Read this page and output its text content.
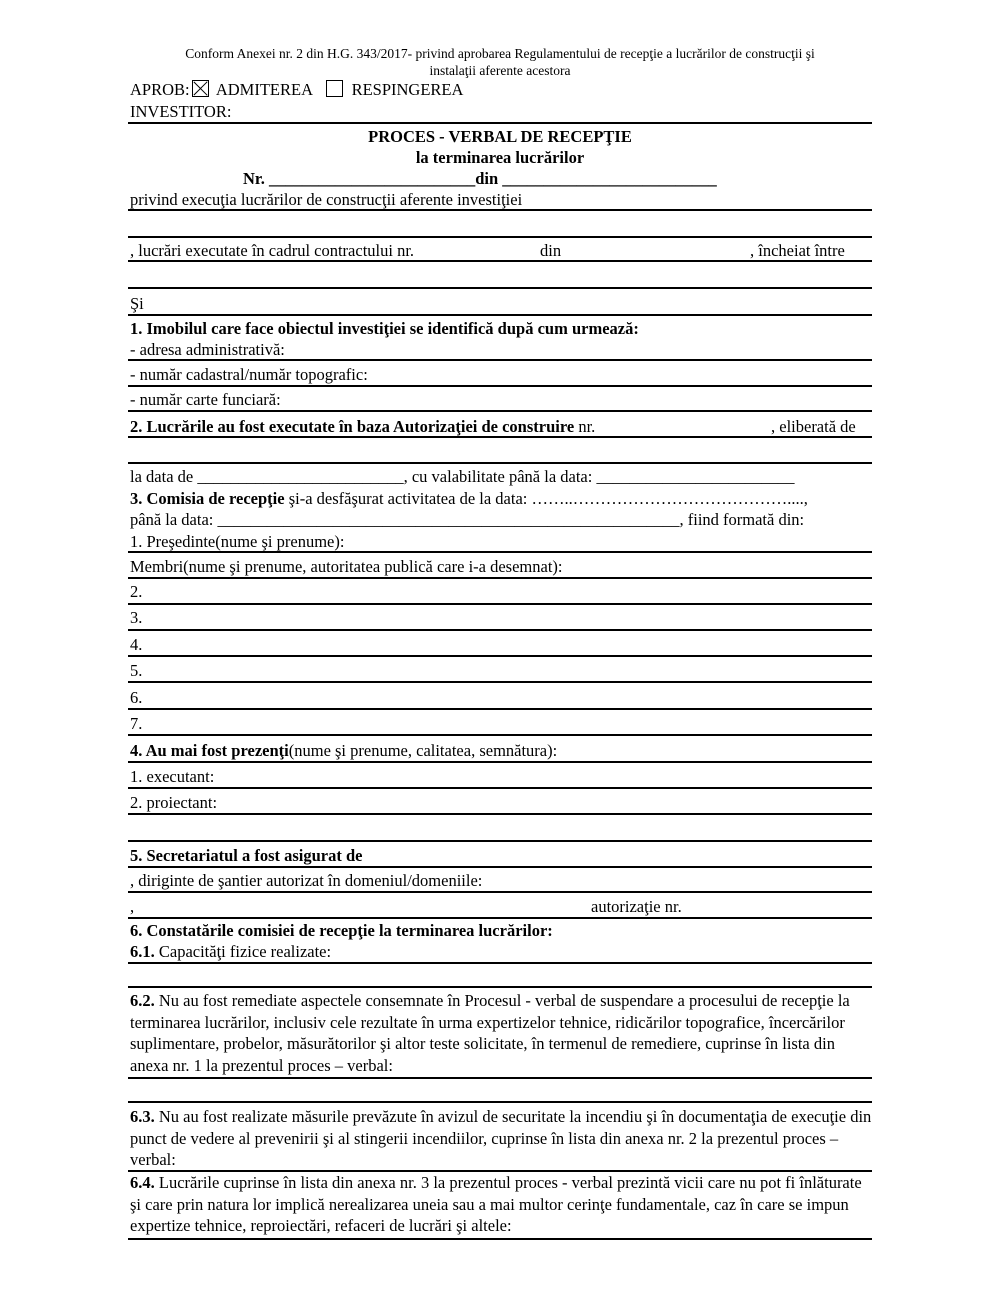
Conform Anexei nr. 2 din H.G. 343/2017- privind aprobarea Regulamentului de recepţie a lucrărilor de construcţii şi
instalaţii aferente acestora
APROB: ADMITEREA RESPINGEREA
INVESTITOR:
PROCES - VERBAL DE RECEPŢIE
la terminarea lucrărilor
Nr. _________________________din __________________________
privind execuţia lucrărilor de construcţii aferente investiţiei
, lucrări executate în cadrul contractului nr.	din	, încheiat între
Şi
1. Imobilul care face obiectul investiţiei se identifică după cum urmează:
- adresa administrativă:
- număr cadastral/număr topografic:
- număr carte funciară:
2. Lucrările au fost executate în baza Autorizaţiei de construire nr.	, eliberată de
la data de _________________________, cu valabilitate până la data: ________________________
3. Comisia de recepţie şi-a desfăşurat activitatea de la data: ……..…………………………………....,
până la data: ________________________________________________________, fiind formată din:
1. Preşedinte(nume şi prenume):
Membri(nume şi prenume, autoritatea publică care i-a desemnat):
2.
3.
4.
5.
6.
7.
4. Au mai fost prezenţi(nume şi prenume, calitatea, semnătura):
1. executant:
2. proiectant:
5. Secretariatul a fost asigurat de
, diriginte de şantier autorizat în domeniul/domeniile:
,	autorizaţie nr.
6. Constatările comisiei de recepţie la terminarea lucrărilor:
6.1. Capacităţi fizice realizate:
6.2. Nu au fost remediate aspectele consemnate în Procesul - verbal de suspendare a procesului de recepţie la terminarea lucrărilor, inclusiv cele rezultate în urma expertizelor tehnice, ridicărilor topografice, încercărilor suplimentare, probelor, măsurătorilor şi altor teste solicitate, în termenul de remediere, cuprinse în lista din anexa nr. 1 la prezentul proces – verbal:
6.3. Nu au fost realizate măsurile prevăzute în avizul de securitate la incendiu şi în documentaţia de execuţie din punct de vedere al prevenirii şi al stingerii incendiilor, cuprinse în lista din anexa nr. 2 la prezentul proces – verbal:
6.4. Lucrările cuprinse în lista din anexa nr. 3 la prezentul proces - verbal prezintă vicii care nu pot fi înlăturate şi care prin natura lor implică nerealizarea uneia sau a mai multor cerinţe fundamentale, caz în care se impun expertize tehnice, reproiectări, refaceri de lucrări şi altele:
